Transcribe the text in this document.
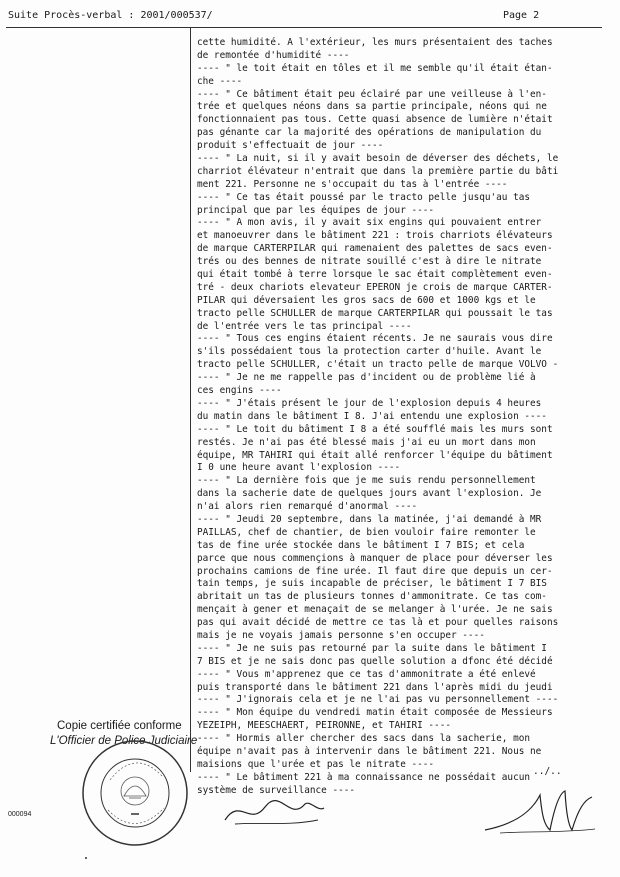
Suite Procès-verbal : 2001/000537/	Page 2
cette humidité. A l'extérieur, les murs présentaient des taches
de remontée d'humidité ----
---- " le toit était en tôles et il me semble qu'il était étan-
che ----
---- " Ce bâtiment était peu éclairé par une veilleuse à l'en-
trée et quelques néons dans sa partie principale, néons qui ne
fonctionnaient pas tous. Cette quasi absence de lumière n'était
pas génante car la majorité des opérations de manipulation du
produit s'effectuait de jour ----
---- " La nuit, si il y avait besoin de déverser des déchets, le
charriot élévateur n'entrait que dans la première partie du bâti
ment 221. Personne ne s'occupait du tas à l'entrée ----
---- " Ce tas était poussé par le tracto pelle jusqu'au tas
principal que par les équipes de jour ----
---- " A mon avis, il y avait six engins qui pouvaient entrer
et manoeuvrer dans le bâtiment 221 : trois charriots élévateurs
de marque CARTERPILAR qui ramenaient des palettes de sacs even-
trés ou des bennes de nitrate souillé c'est à dire le nitrate
qui était tombé à terre lorsque le sac était complètement even-
tré - deux chariots elevateur EPERON je crois de marque CARTER-
PILAR qui déversaient les gros sacs de 600 et 1000 kgs et le
tracto pelle SCHULLER de marque CARTERPILAR qui poussait le tas
de l'entrée vers le tas principal ----
---- " Tous ces engins étaient récents. Je ne saurais vous dire
s'ils possédaient tous la protection carter d'huile. Avant le
tracto pelle SCHULLER, c'était un tracto pelle de marque VOLVO -
---- " Je ne me rappelle pas d'incident ou de problème lié à
ces engins ----
---- " J'étais présent le jour de l'explosion depuis 4 heures
du matin dans le bâtiment I 8. J'ai entendu une explosion ----
---- " Le toit du bâtiment I 8 a été soufflé mais les murs sont
restés. Je n'ai pas été blessé mais j'ai eu un mort dans mon
équipe, MR TAHIRI qui était allé renforcer l'équipe du bâtiment
I 0 une heure avant l'explosion ----
---- " La dernière fois que je me suis rendu personnellement
dans la sacherie date de quelques jours avant l'explosion. Je
n'ai alors rien remarqué d'anormal ----
---- " Jeudi 20 septembre, dans la matinée, j'ai demandé à MR
PAILLAS, chef de chantier, de bien vouloir faire remonter le
tas de fine urée stockée dans le bâtiment I 7 BIS; et cela
parce que nous commençions à manquer de place pour déverser les
prochains camions de fine urée. Il faut dire que depuis un cer-
tain temps, je suis incapable de préciser, le bâtiment I 7 BIS
abritait un tas de plusieurs tonnes d'ammonitrate. Ce tas com-
mençait à gener et menaçait de se melanger à l'urée. Je ne sais
pas qui avait décidé de mettre ce tas là et pour quelles raisons
mais je ne voyais jamais personne s'en occuper ----
---- " Je ne suis pas retourné par la suite dans le bâtiment I
7 BIS et je ne sais donc pas quelle solution a dfonc été décidé
---- " Vous m'apprenez que ce tas d'ammonitrate a été enlevé
puis transporté dans le bâtiment 221 dans l'après midi du jeudi
---- " J'ignorais cela et je ne l'ai pas vu personnellement ----
---- " Mon équipe du vendredi matin était composée de Messieurs
YEZEIPH, MEESCHAERT, PEIRONNE, et TAHIRI ----
---- " Hormis aller chercher des sacs dans la sacherie, mon
équipe n'avait pas à intervenir dans le bâtiment 221. Nous ne
maisions que l'urée et pas le nitrate ----
---- " Le bâtiment 221 à ma connaissance ne possédait aucun
système de surveillance ----
../..
Copie certifiée conforme
L'Officier de Police Judiciaire
000094
